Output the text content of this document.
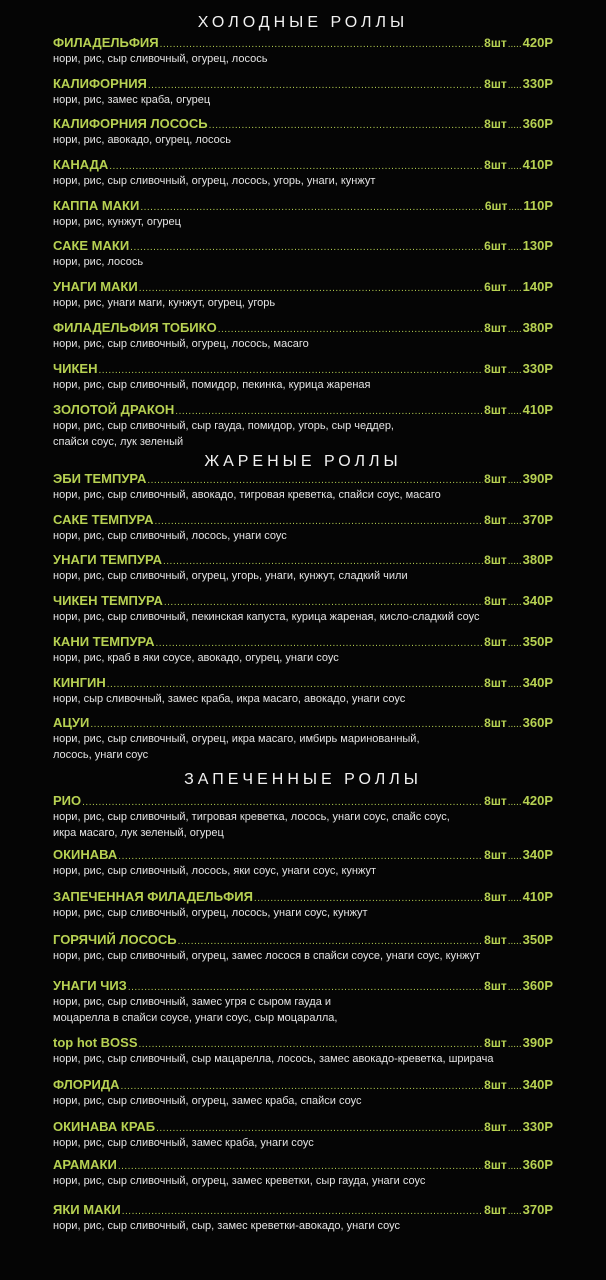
ХОЛОДНЫЕ РОЛЛЫ
ФИЛАДЕЛЬФИЯ .....	8шт ..... 420Р
нори, рис, сыр сливочный, огурец, лосось
КАЛИФОРНИЯ .....	8шт ..... 330Р
нори, рис, замес краба, огурец
КАЛИФОРНИЯ ЛОСОСЬ .....	8шт ..... 360Р
нори, рис, авокадо, огурец, лосось
КАНАДА .....	8шт ..... 410Р
нори, рис, сыр сливочный, огурец, лосось, угорь, унаги, кунжут
КАППА МАКИ .....	6шт ..... 110Р
нори, рис, кунжут, огурец
САКЕ МАКИ .....	6шт ..... 130Р
нори, рис, лосось
УНАГИ МАКИ .....	6шт ..... 140Р
нори, рис, унаги маги, кунжут, огурец, угорь
ФИЛАДЕЛЬФИЯ ТОБИКО .....	8шт ..... 380Р
нори, рис, сыр сливочный, огурец, лосось, масаго
ЧИКЕН .....	8шт ..... 330Р
нори, рис, сыр сливочный, помидор, пекинка, курица жареная
ЗОЛОТОЙ ДРАКОН .....	8шт ..... 410Р
нори, рис, сыр сливочный, сыр гауда, помидор, угорь, сыр чеддер,
спайси соус, лук зеленый
ЖАРЕНЫЕ РОЛЛЫ
ЭБИ ТЕМПУРА .....	8шт ..... 390Р
нори, рис, сыр сливочный, авокадо, тигровая креветка, спайси соус, масаго
САКЕ ТЕМПУРА .....	8шт ..... 370Р
нори, рис, сыр сливочный, лосось, унаги соус
УНАГИ ТЕМПУРА .....	8шт ..... 380Р
нори, рис, сыр сливочный, огурец, угорь, унаги, кунжут, сладкий чили
ЧИКЕН ТЕМПУРА .....	8шт ..... 340Р
нори, рис, сыр сливочный, пекинская капуста, курица жареная, кисло-сладкий соус
КАНИ ТЕМПУРА .....	8шт ..... 350Р
нори, рис, краб в яки соусе, авокадо, огурец, унаги соус
КИНГИН .....	8шт ..... 340Р
нори, сыр сливочный, замес краба, икра масаго, авокадо, унаги соус
АЦУИ .....	8шт ..... 360Р
нори, рис, сыр сливочный, огурец, икра масаго, имбирь маринованный,
лосось, унаги соус
ЗАПЕЧЕННЫЕ РОЛЛЫ
РИО .....	8шт ..... 420Р
нори, рис, сыр сливочный, тигровая креветка, лосось, унаги соус, спайс соус,
икра масаго, лук зеленый, огурец
ОКИНАВА .....	8шт ..... 340Р
нори, рис, сыр сливочный, лосось, яки соус, унаги соус, кунжут
ЗАПЕЧЕННАЯ ФИЛАДЕЛЬФИЯ .....	8шт ..... 410Р
нори, рис, сыр сливочный, огурец, лосось, унаги соус, кунжут
ГОРЯЧИЙ ЛОСОСЬ .....	8шт ..... 350Р
нори, рис, сыр сливочный, огурец, замес лосося в спайси соусе, унаги соус, кунжут
УНАГИ ЧИЗ .....	8шт ..... 360Р
нори, рис, сыр сливочный, замес угря с сыром гауда и
моцарелла в спайси соусе, унаги соус, сыр моцаралла,
top hot BOSS .....	8шт ..... 390Р
нори, рис, сыр сливочный, сыр мацарелла, лосось, замес авокадо-креветка, шрирача
ФЛОРИДА .....	8шт ..... 340Р
нори, рис, сыр сливочный, огурец, замес краба, спайси соус
ОКИНАВА КРАБ .....	8шт ..... 330Р
нори, рис, сыр сливочный, замес краба, унаги соус
АРАМАКИ .....	8шт ..... 360Р
нори, рис, сыр сливочный, огурец, замес креветки, сыр гауда, унаги соус
ЯКИ МАКИ .....	8шт ..... 370Р
нори, рис, сыр сливочный, сыр, замес креветки-авокадо, унаги соус
